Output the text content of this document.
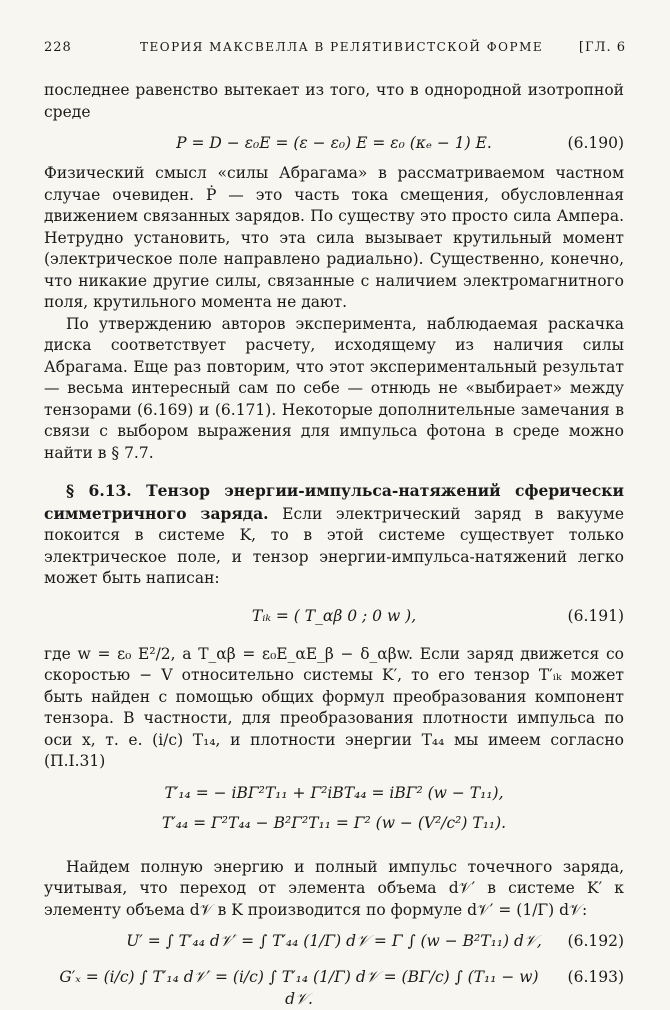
228	ТЕОРИЯ МАКСВЕЛЛА В РЕЛЯТИВИСТСКОЙ ФОРМЕ	[ГЛ. 6

последнее равенство вытекает из того, что в однородной изотропной среде

P = D − ε₀E = (ε − ε₀) E = ε₀ (κₑ − 1) E.	(6.190)

Физический смысл «силы Абрагама» в рассматриваемом частном случае очевиден. Ṗ — это часть тока смещения, обусловленная движением связанных зарядов. По существу это просто сила Ампера. Нетрудно установить, что эта сила вызывает крутильный момент (электрическое поле направлено радиально). Существенно, конечно, что никакие другие силы, связанные с наличием электромагнитного поля, крутильного момента не дают.

По утверждению авторов эксперимента, наблюдаемая раскачка диска соответствует расчету, исходящему из наличия силы Абрагама. Еще раз повторим, что этот экспериментальный результат — весьма интересный сам по себе — отнюдь не «выбирает» между тензорами (6.169) и (6.171). Некоторые дополнительные замечания в связи с выбором выражения для импульса фотона в среде можно найти в § 7.7.

§ 6.13. Тензор энергии-импульса-натяжений сферически симметричного заряда. Если электрический заряд в вакууме покоится в системе K, то в этой системе существует только электрическое поле, и тензор энергии-импульса-натяжений легко может быть написан:

Tᵢₖ = ( T_αβ 0 ; 0 w ),	(6.191)

где w = ε₀ E²/2, а T_αβ = ε₀E_αE_β − δ_αβw. Если заряд движется со скоростью − V относительно системы K′, то его тензор T′ᵢₖ может быть найден с помощью общих формул преобразования компонент тензора. В частности, для преобразования плотности импульса по оси x, т. е. (i/c) T₁₄, и плотности энергии T₄₄ мы имеем согласно (П.I.31)

T′₁₄ = − iBΓ²T₁₁ + Γ²iBT₄₄ = iBΓ² (w − T₁₁),
T′₄₄ = Γ²T₄₄ − B²Γ²T₁₁ = Γ² (w − (V²/c²) T₁₁).

Найдем полную энергию и полный импульс точечного заряда, учитывая, что переход от элемента объема d𝒱′ в системе K′ к элементу объема d𝒱 в K производится по формуле d𝒱′ = (1/Γ) d𝒱:

U′ = ∫ T′₄₄ d𝒱′ = ∫ T′₄₄ (1/Γ) d𝒱 = Γ ∫ (w − B²T₁₁) d𝒱, (6.192)
G′ₓ = (i/c) ∫ T′₁₄ d𝒱′ = (i/c) ∫ T′₁₄ (1/Γ) d𝒱 = (BΓ/c) ∫ (T₁₁ − w) d𝒱.
(6.193)
